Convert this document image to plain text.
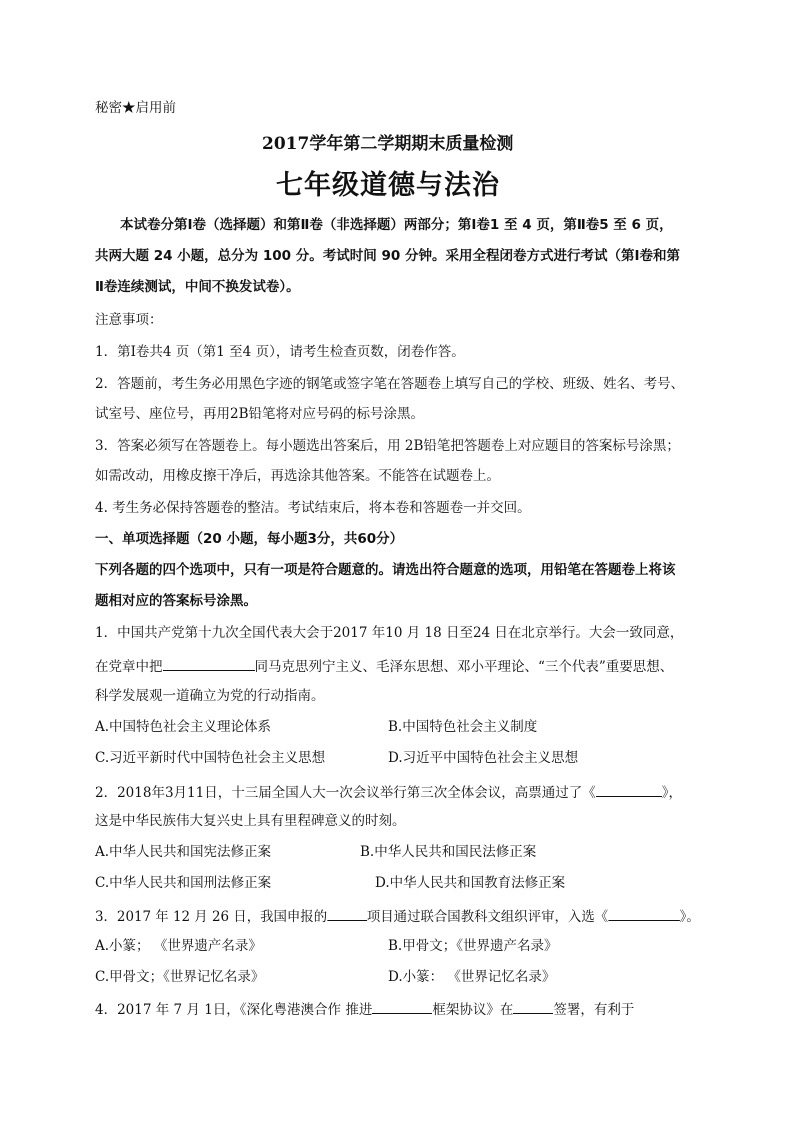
秘密★启用前
2017学年第二学期期末质量检测
七年级道德与法治
本试卷分第Ⅰ卷（选择题）和第Ⅱ卷（非选择题）两部分；第Ⅰ卷1 至 4 页，第Ⅱ卷5 至 6 页，
共两大题 24 小题，总分为 100 分。考试时间 90 分钟。采用全程闭卷方式进行考试（第Ⅰ卷和第
Ⅱ卷连续测试，中间不换发试卷）。
注意事项：
1．第Ⅰ卷共4 页（第1 至4 页），请考生检查页数，闭卷作答。
2．答题前，考生务必用黑色字迹的钢笔或签字笔在答题卷上填写自己的学校、班级、姓名、考号、
试室号、座位号，再用2B铅笔将对应号码的标号涂黑。
3．答案必须写在答题卷上。每小题选出答案后，用 2B铅笔把答题卷上对应题目的答案标号涂黑；
如需改动，用橡皮擦干净后，再选涂其他答案。不能答在试题卷上。
4. 考生务必保持答题卷的整洁。考试结束后，将本卷和答题卷一并交回。
一、单项选择题（20 小题，每小题3分，共60分）
下列各题的四个选项中，只有一项是符合题意的。请选出符合题意的选项，用铅笔在答题卷上将该
题相对应的答案标号涂黑。
1．中国共产党第十九次全国代表大会于2017 年10 月 18 日至24 日在北京举行。大会一致同意，
在党章中把	同马克思列宁主义、毛泽东思想、邓小平理论、“三个代表”重要思想、
科学发展观一道确立为党的行动指南。
A.中国特色社会主义理论体系	B.中国特色社会主义制度
C.习近平新时代中国特色社会主义思想	D.习近平中国特色社会主义思想
2．2018年3月11日，十三届全国人大一次会议举行第三次全体会议，高票通过了《	》，
这是中华民族伟大复兴史上具有里程碑意义的时刻。
A.中华人民共和国宪法修正案	B.中华人民共和国民法修正案
C.中华人民共和国刑法修正案	D.中华人民共和国教育法修正案
3．2017 年 12 月 26 日，我国申报的	项目通过联合国教科文组织评审，入选《	》。
A.小篆； 《世界遗产名录》	B.甲骨文；《世界遗产名录》
C.甲骨文；《世界记忆名录》	D.小篆： 《世界记忆名录》
4．2017 年 7 月 1日，《深化粤港澳合作 推进	框架协议》在	签署，有利于
